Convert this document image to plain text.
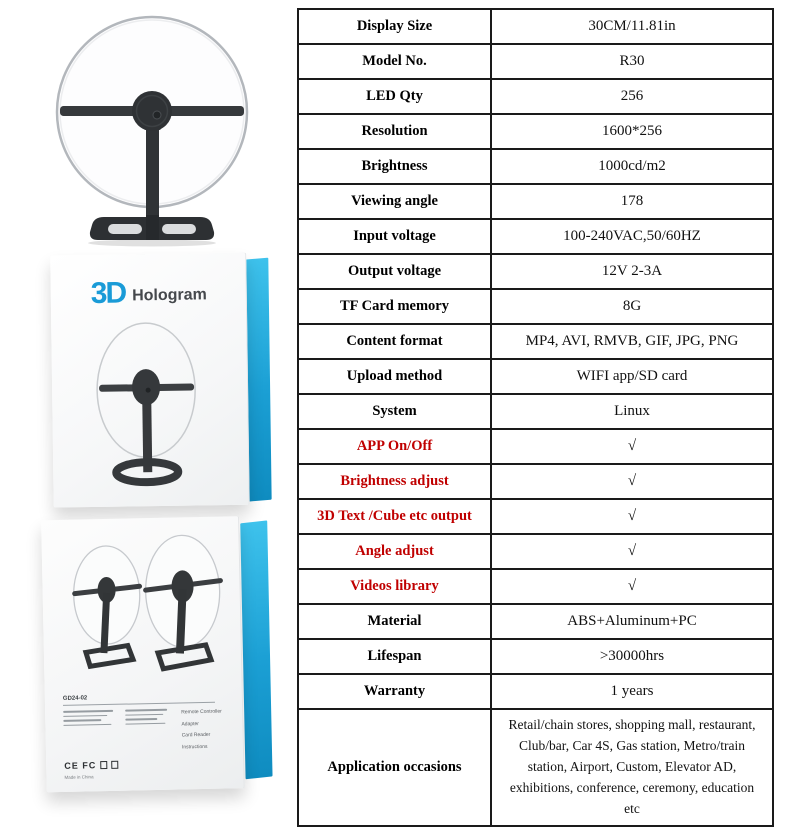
3D Hologram
GD24-02
Remote Controller
Adapter
Card Reader
Instructions
CE FC
Made in China
Display Size	30CM/11.81in
Model No.	R30
LED Qty	256
Resolution	1600*256
Brightness	1000cd/m2
Viewing angle	178
Input voltage	100-240VAC,50/60HZ
Output voltage	12V 2-3A
TF Card memory	8G
Content format	MP4, AVI, RMVB, GIF, JPG, PNG
Upload method	WIFI app/SD card
System	Linux
APP On/Off	√
Brightness adjust	√
3D Text /Cube etc output	√
Angle adjust	√
Videos library	√
Material	ABS+Aluminum+PC
Lifespan	>30000hrs
Warranty	1 years
Application occasions	Retail/chain stores, shopping mall, restaurant, Club/bar, Car 4S, Gas station, Metro/train station, Airport, Custom, Elevator AD, exhibitions, conference, ceremony, education etc
